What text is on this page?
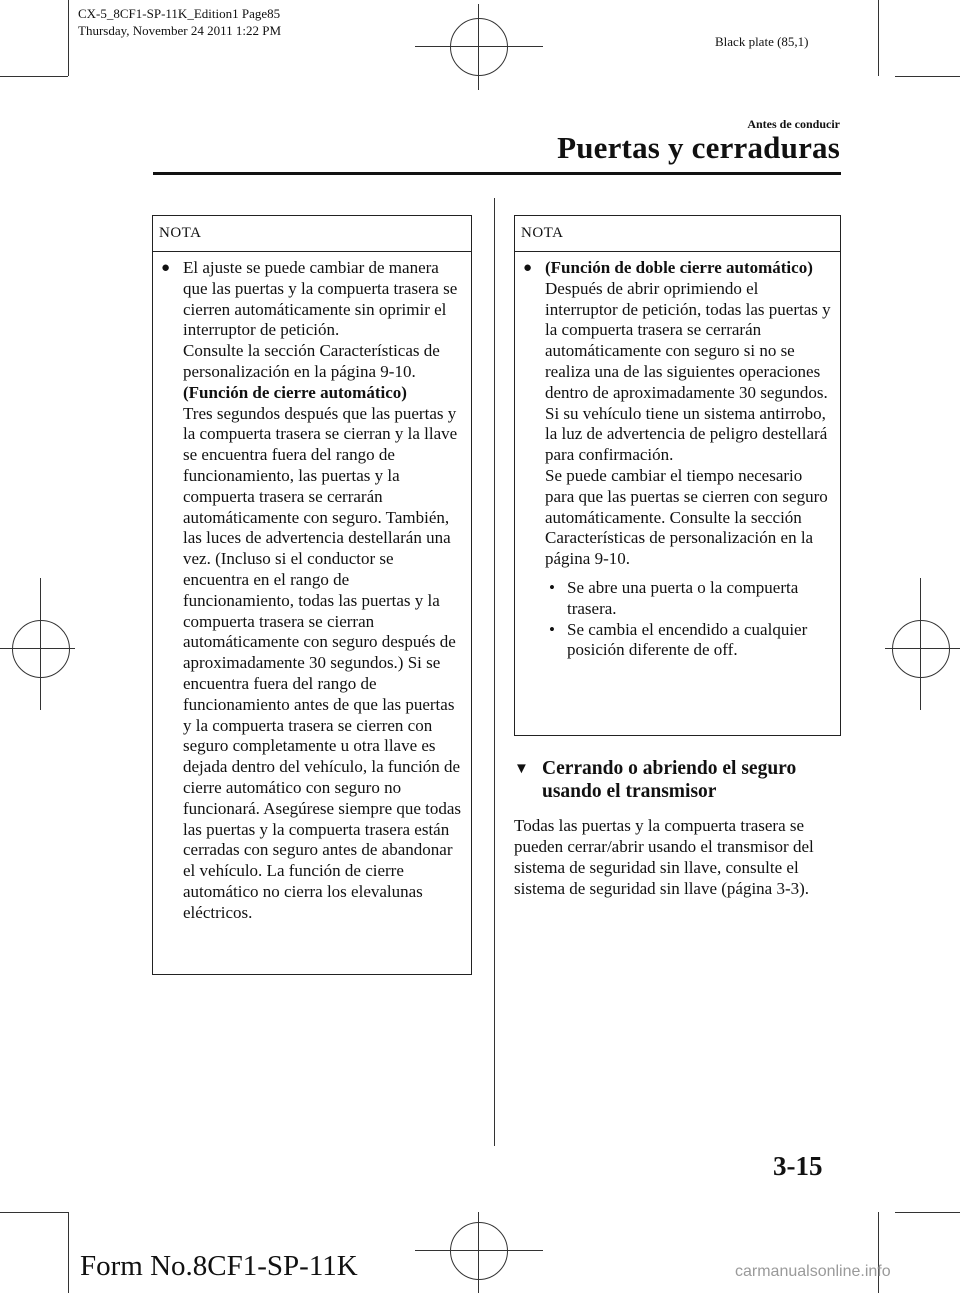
CX-5_8CF1-SP-11K_Edition1 Page85
Thursday, November 24 2011 1:22 PM
Black plate (85,1)
Antes de conducir
Puertas y cerraduras
NOTA
● El ajuste se puede cambiar de manera que las puertas y la compuerta trasera se cierren automáticamente sin oprimir el interruptor de petición.
Consulte la sección Características de personalización en la página 9-10.
(Función de cierre automático)
Tres segundos después que las puertas y la compuerta trasera se cierran y la llave se encuentra fuera del rango de funcionamiento, las puertas y la compuerta trasera se cerrarán automáticamente con seguro. También, las luces de advertencia destellarán una vez. (Incluso si el conductor se encuentra en el rango de funcionamiento, todas las puertas y la compuerta trasera se cierran automáticamente con seguro después de aproximadamente 30 segundos.) Si se encuentra fuera del rango de funcionamiento antes de que las puertas y la compuerta trasera se cierren con seguro completamente u otra llave es dejada dentro del vehículo, la función de cierre automático con seguro no funcionará. Asegúrese siempre que todas las puertas y la compuerta trasera están cerradas con seguro antes de abandonar el vehículo. La función de cierre automático no cierra los elevalunas eléctricos.
NOTA
● (Función de doble cierre automático)
Después de abrir oprimiendo el interruptor de petición, todas las puertas y la compuerta trasera se cerrarán automáticamente con seguro si no se realiza una de las siguientes operaciones dentro de aproximadamente 30 segundos. Si su vehículo tiene un sistema antirrobo, la luz de advertencia de peligro destellará para confirmación.
Se puede cambiar el tiempo necesario para que las puertas se cierren con seguro automáticamente. Consulte la sección Características de personalización en la página 9-10.
• Se abre una puerta o la compuerta trasera.
• Se cambia el encendido a cualquier posición diferente de off.
▼ Cerrando o abriendo el seguro usando el transmisor
Todas las puertas y la compuerta trasera se pueden cerrar/abrir usando el transmisor del sistema de seguridad sin llave, consulte el sistema de seguridad sin llave (página 3-3).
3-15
Form No.8CF1-SP-11K	carmanualsonline.info
